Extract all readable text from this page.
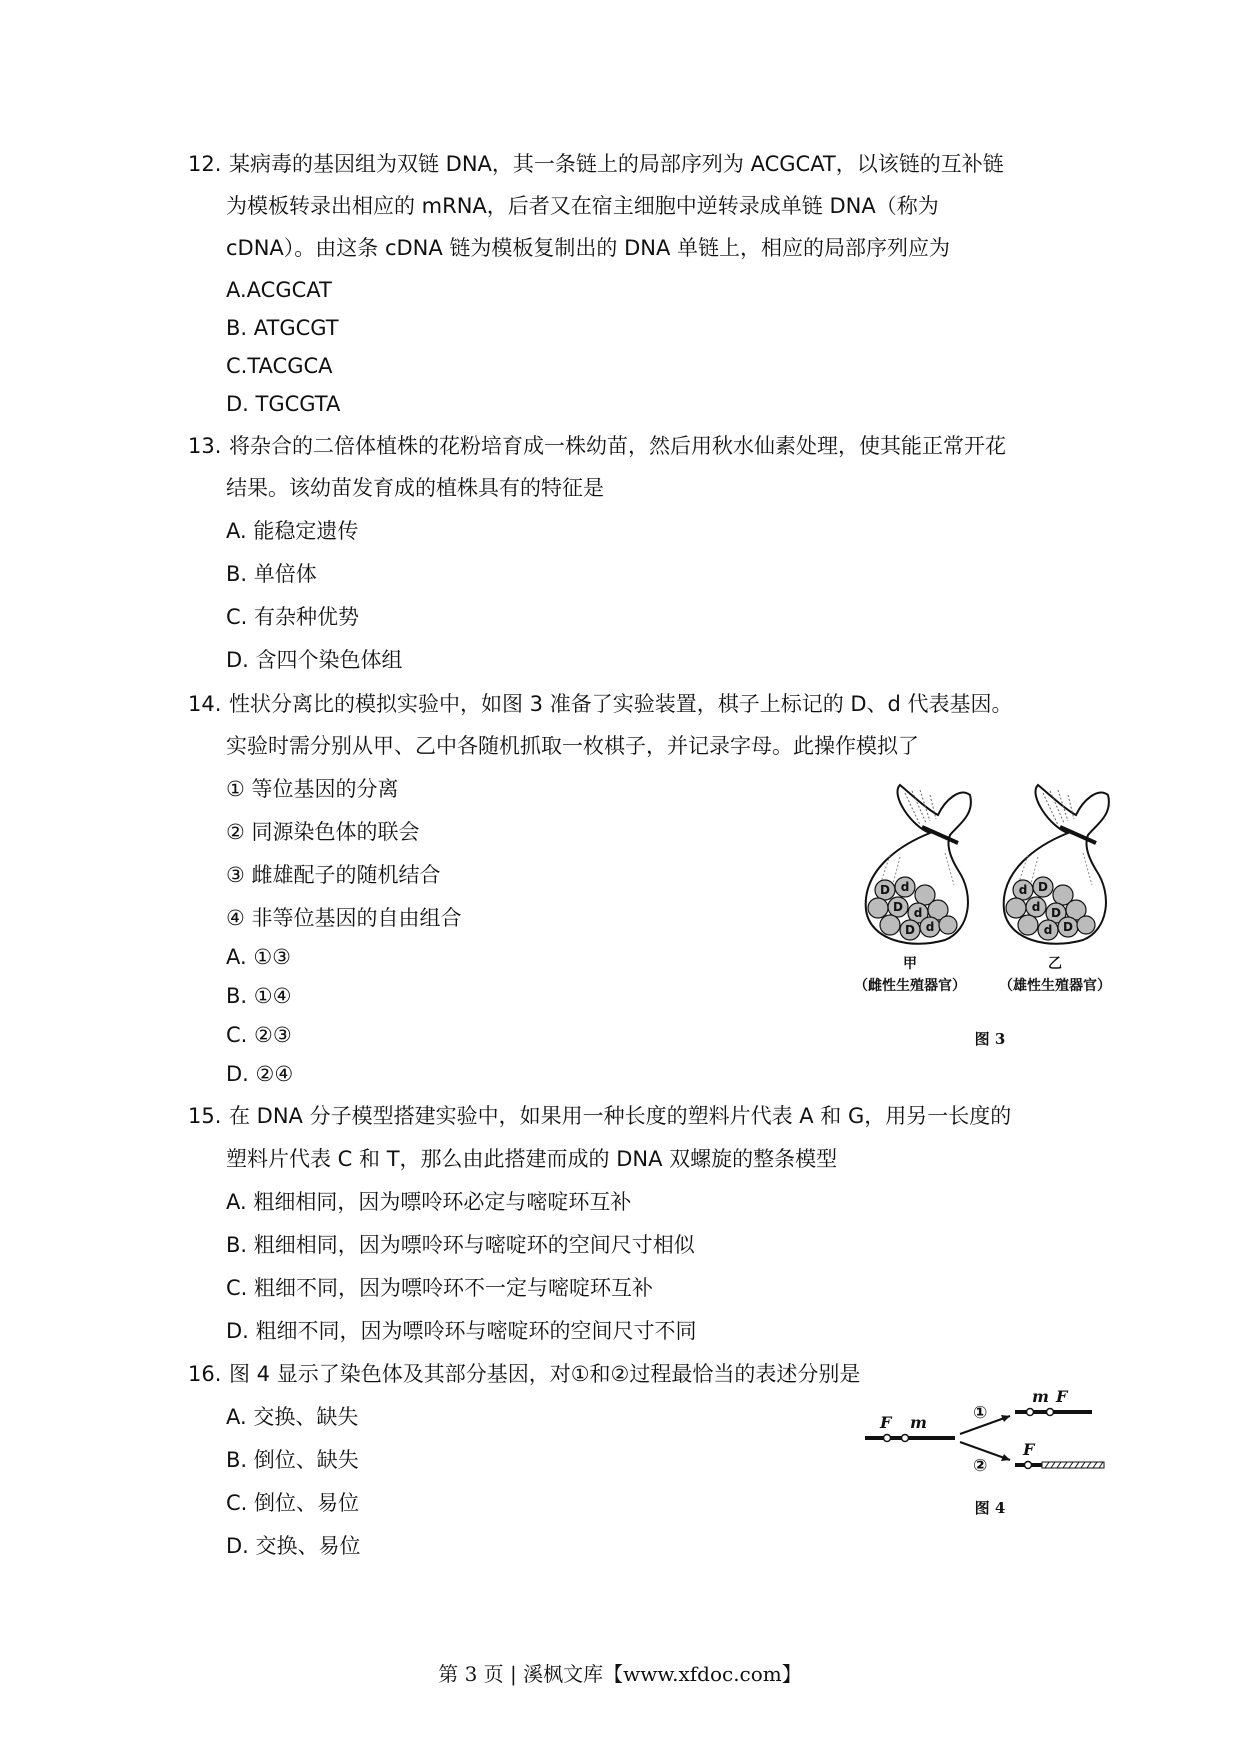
12. 某病毒的基因组为双链 DNA，其一条链上的局部序列为 ACGCAT，以该链的互补链
为模板转录出相应的 mRNA，后者又在宿主细胞中逆转录成单链 DNA（称为
cDNA）。由这条 cDNA 链为模板复制出的 DNA 单链上，相应的局部序列应为
A.ACGCAT
B. ATGCGT
C.TACGCA
D. TGCGTA
13. 将杂合的二倍体植株的花粉培育成一株幼苗，然后用秋水仙素处理，使其能正常开花
结果。该幼苗发育成的植株具有的特征是
A. 能稳定遗传
B. 单倍体
C. 有杂种优势
D. 含四个染色体组
14. 性状分离比的模拟实验中，如图 3 准备了实验装置，棋子上标记的 D、d 代表基因。
实验时需分别从甲、乙中各随机抓取一枚棋子，并记录字母。此操作模拟了
① 等位基因的分离
② 同源染色体的联会
③ 雌雄配子的随机结合
④ 非等位基因的自由组合
A. ①③
B. ①④
C. ②③
D. ②④
D d
D d
D d
d D
d D
d D
甲
（雌性生殖器官）
乙
（雄性生殖器官）
图 3
15. 在 DNA 分子模型搭建实验中，如果用一种长度的塑料片代表 A 和 G，用另一长度的
塑料片代表 C 和 T，那么由此搭建而成的 DNA 双螺旋的整条模型
A. 粗细相同，因为嘌呤环必定与嘧啶环互补
B. 粗细相同，因为嘌呤环与嘧啶环的空间尺寸相似
C. 粗细不同，因为嘌呤环不一定与嘧啶环互补
D. 粗细不同，因为嘌呤环与嘧啶环的空间尺寸不同
16. 图 4 显示了染色体及其部分基因，对①和②过程最恰当的表述分别是
A. 交换、缺失
B. 倒位、缺失
C. 倒位、易位
D. 交换、易位
F m	①
②
m F
F
图 4
第 3 页 | 溪枫文库【www.xfdoc.com】
